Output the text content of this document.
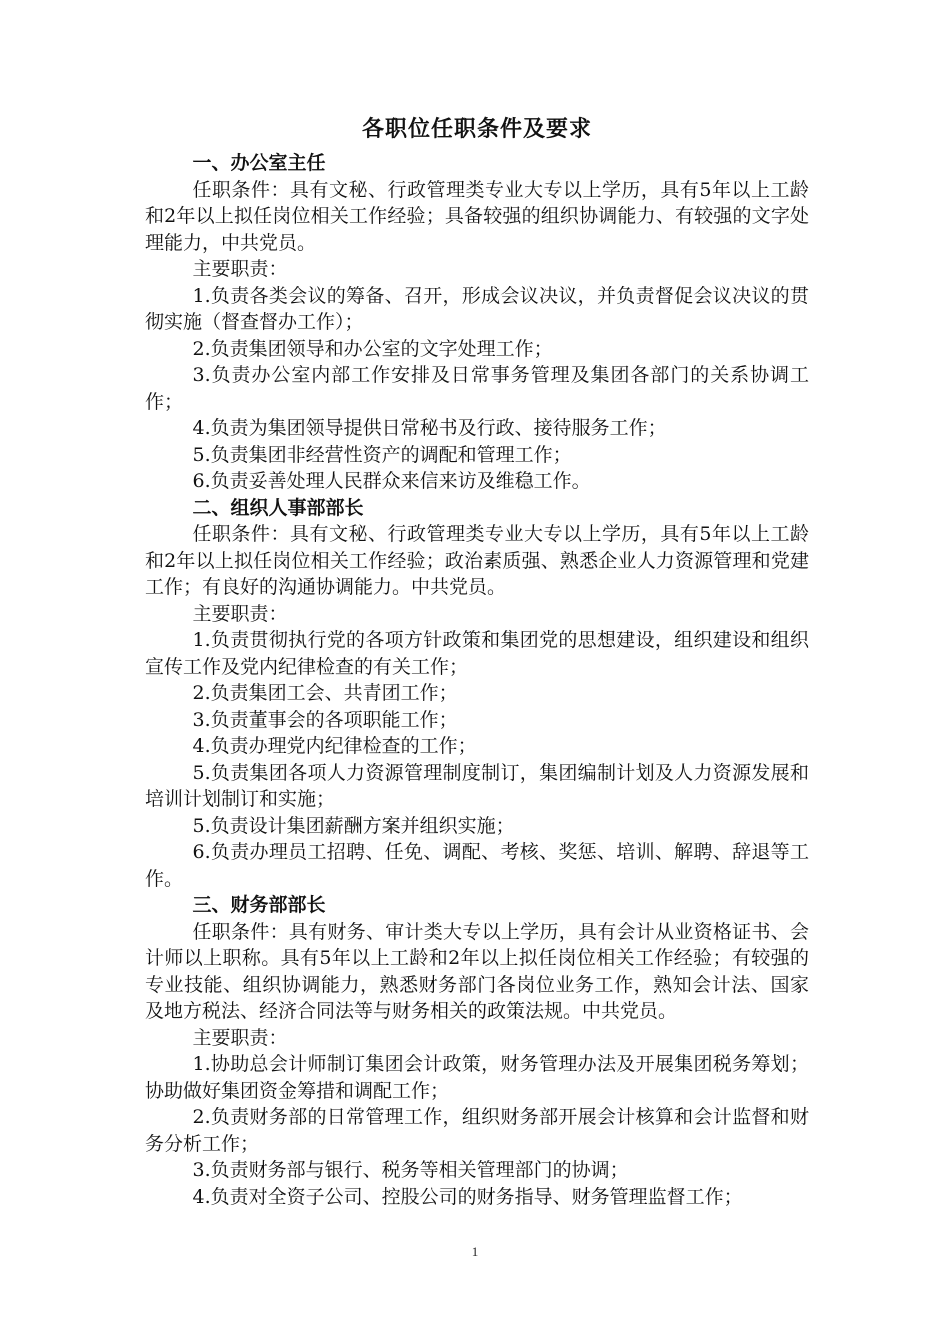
各职位任职条件及要求
一、办公室主任

任职条件：具有文秘、行政管理类专业大专以上学历，具有5年以上工龄和2年以上拟任岗位相关工作经验；具备较强的组织协调能力、有较强的文字处理能力，中共党员。

主要职责：

1.负责各类会议的筹备、召开，形成会议决议，并负责督促会议决议的贯彻实施（督查督办工作）；

2.负责集团领导和办公室的文字处理工作；

3.负责办公室内部工作安排及日常事务管理及集团各部门的关系协调工作；

4.负责为集团领导提供日常秘书及行政、接待服务工作；

5.负责集团非经营性资产的调配和管理工作；

6.负责妥善处理人民群众来信来访及维稳工作。

二、组织人事部部长

任职条件：具有文秘、行政管理类专业大专以上学历，具有5年以上工龄和2年以上拟任岗位相关工作经验；政治素质强、熟悉企业人力资源管理和党建工作；有良好的沟通协调能力。中共党员。

主要职责：

1.负责贯彻执行党的各项方针政策和集团党的思想建设，组织建设和组织宣传工作及党内纪律检查的有关工作；

2.负责集团工会、共青团工作；

3.负责董事会的各项职能工作；

4.负责办理党内纪律检查的工作；

5.负责集团各项人力资源管理制度制订，集团编制计划及人力资源发展和培训计划制订和实施；

5.负责设计集团薪酬方案并组织实施；

6.负责办理员工招聘、任免、调配、考核、奖惩、培训、解聘、辞退等工作。

三、财务部部长

任职条件：具有财务、审计类大专以上学历，具有会计从业资格证书、会计师以上职称。具有5年以上工龄和2年以上拟任岗位相关工作经验；有较强的专业技能、组织协调能力，熟悉财务部门各岗位业务工作，熟知会计法、国家及地方税法、经济合同法等与财务相关的政策法规。中共党员。

主要职责：

1.协助总会计师制订集团会计政策，财务管理办法及开展集团税务筹划；协助做好集团资金筹措和调配工作；

2.负责财务部的日常管理工作，组织财务部开展会计核算和会计监督和财务分析工作；

3.负责财务部与银行、税务等相关管理部门的协调；

4.负责对全资子公司、控股公司的财务指导、财务管理监督工作；

1
